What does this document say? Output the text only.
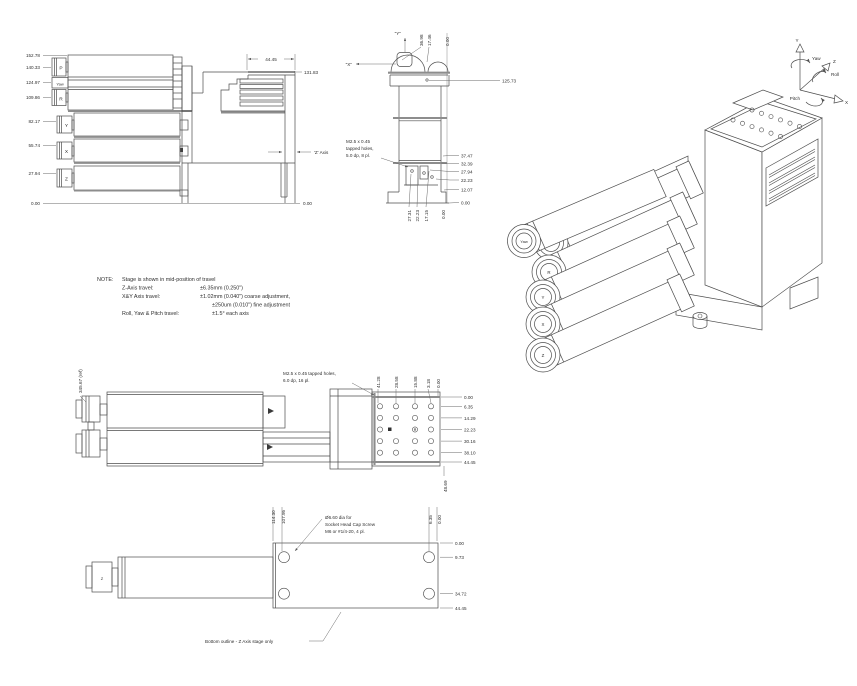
152.78
140.33
124.97
109.86
82.17
55.74
27.94
0.00
P
Yaw
R
Y
X
Z
44.45
131.83
'Z' Axis
0.00
"Y"
"X"
36.98 17.46	0.00
125.73
M2.5 x 0.45
tapped holes,
5.0 dp, 8 pl.	37.47
32.39
27.94
22.23
12.07
0.00
27.31 22.23 17.15	0.00
NOTE: Stage is shown in mid-position of travel
Z-Axis travel:	±6.35mm (0.250")
X&Y Axis travel:	±1.02mm (0.040") coarse adjustment,
±250um (0.010") fine adjustment
Roll, Yaw & Pitch travel:	±1.5° each axis
345.67 (ref)	41.28	28.58	15.88 3.18 0.00
0.00
6.35
14.29
22.23
30.16
38.10
44.45
48.69
M2.5 x 0.45 tapped holes,
6.0 dp, 16 pl.
Z
114.30 107.95	6.35 0.00
0.00
9.73
34.72
44.45
Ø6.60 dia for
Socket Head Cap Screw
M6 or #1/4-20, 4 pl.
Bottom outline - Z Axis stage only
Yaw
R
Y
X
Z
Y
Yaw
Z
Roll
X
Pitch
